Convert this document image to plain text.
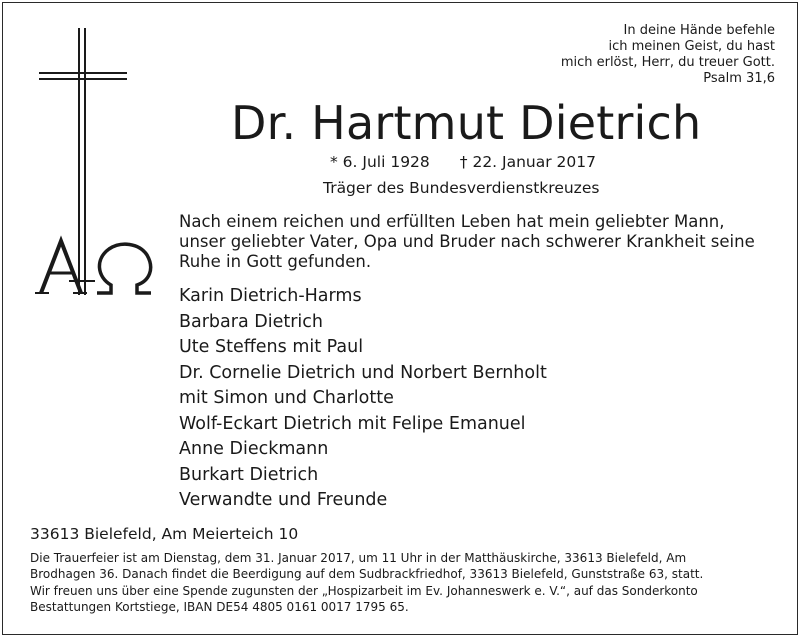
In deine Hände befehle
ich meinen Geist, du hast
mich erlöst, Herr, du treuer Gott.
Psalm 31,6
Dr. Hartmut Dietrich
* 6. Juli 1928 † 22. Januar 2017
Träger des Bundesverdienstkreuzes
Nach einem reichen und erfüllten Leben hat mein geliebter Mann,
unser geliebter Vater, Opa und Bruder nach schwerer Krankheit seine
Ruhe in Gott gefunden.
Karin Dietrich-Harms
Barbara Dietrich
Ute Steffens mit Paul
Dr. Cornelie Dietrich und Norbert Bernholt
mit Simon und Charlotte
Wolf-Eckart Dietrich mit Felipe Emanuel
Anne Dieckmann
Burkart Dietrich
Verwandte und Freunde
33613 Bielefeld, Am Meierteich 10

Die Trauerfeier ist am Dienstag, dem 31. Januar 2017, um 11 Uhr in der Matthäuskirche, 33613 Bielefeld, Am
Brodhagen 36. Danach findet die Beerdigung auf dem Sudbrackfriedhof, 33613 Bielefeld, Gunststraße 63, statt.

Wir freuen uns über eine Spende zugunsten der „Hospizarbeit im Ev. Johanneswerk e. V.“, auf das Sonderkonto
Bestattungen Kortstiege, IBAN DE54 4805 0161 0017 1795 65.
